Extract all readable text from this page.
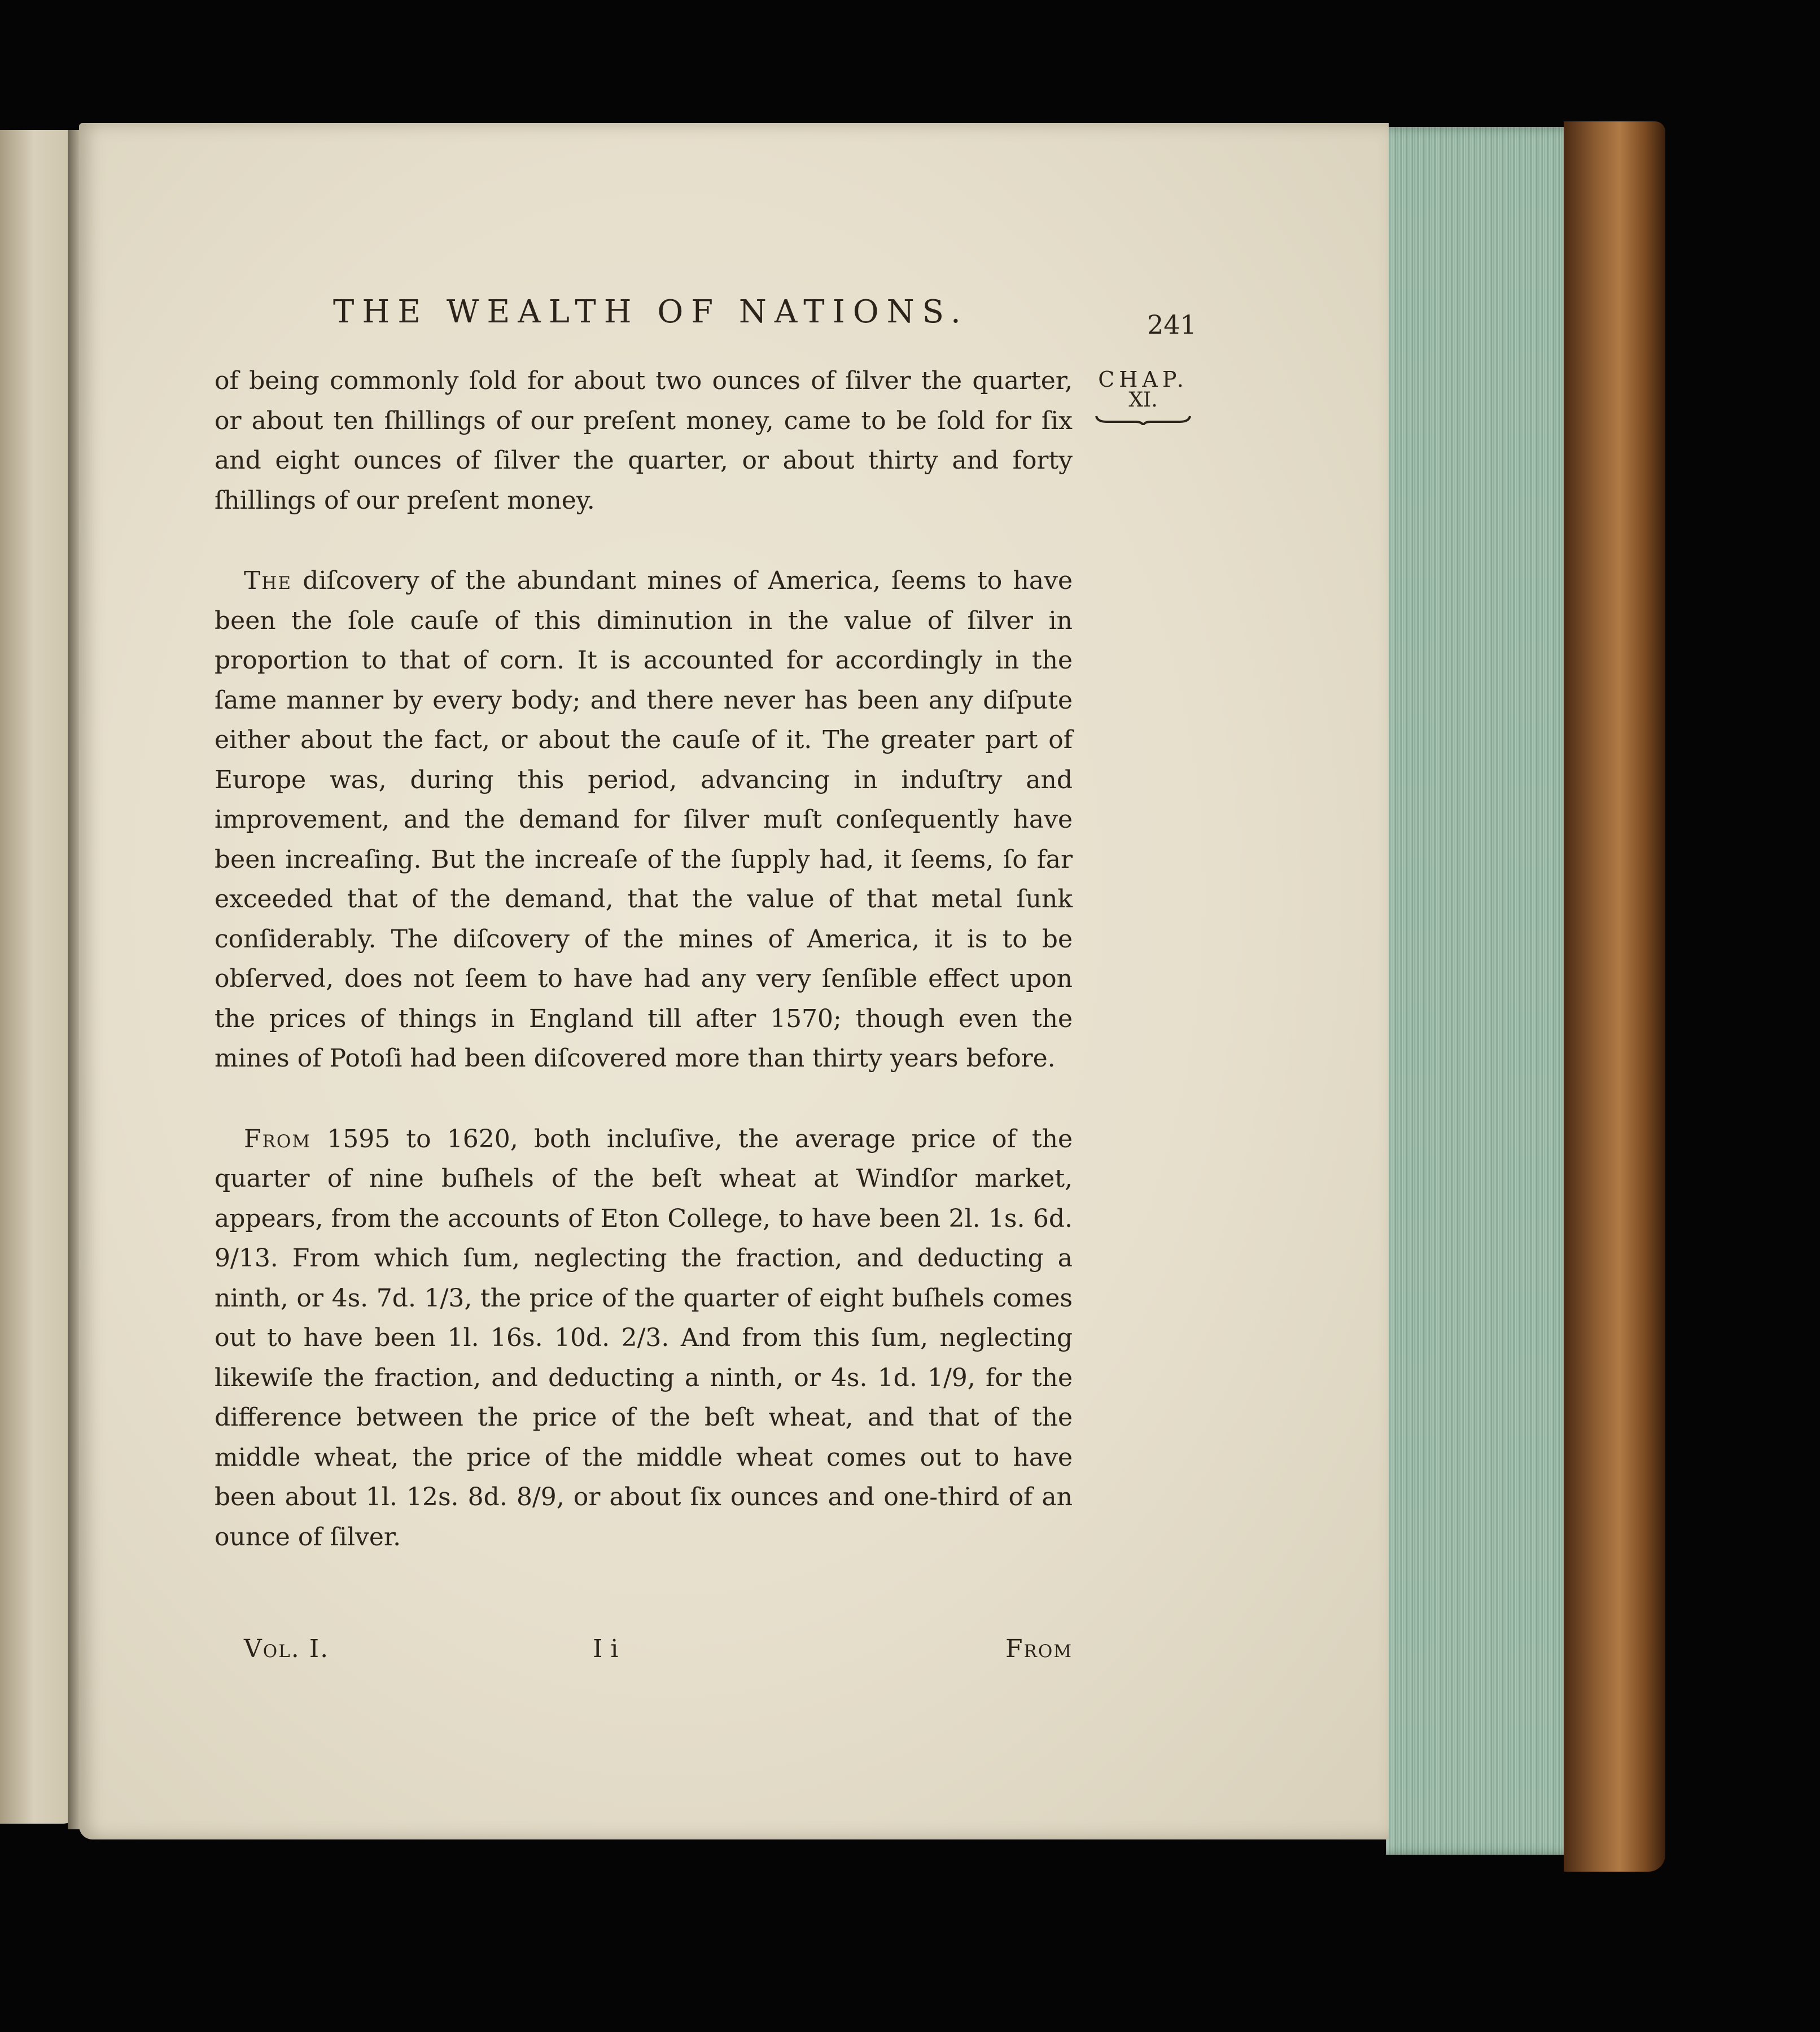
THE WEALTH OF NATIONS.	241
CHAP.
XI.

of being commonly ſold for about two ounces of ſilver the quarter, or about ten ſhillings of our preſent money, came to be ſold for ſix and eight ounces of ſilver the quarter, or about thirty and forty ſhillings of our preſent money.

The diſcovery of the abundant mines of America, ſeems to have been the ſole cauſe of this diminution in the value of ſilver in proportion to that of corn. It is accounted for accordingly in the ſame manner by every body; and there never has been any diſpute either about the fact, or about the cauſe of it. The greater part of Europe was, during this period, advancing in induſtry and improvement, and the demand for ſilver muſt conſequently have been increaſing. But the increaſe of the ſupply had, it ſeems, ſo far exceeded that of the demand, that the value of that metal ſunk conſiderably. The diſcovery of the mines of America, it is to be obſerved, does not ſeem to have had any very ſenſible effect upon the prices of things in England till after 1570; though even the mines of Potoſi had been diſcovered more than thirty years before.

From 1595 to 1620, both incluſive, the average price of the quarter of nine buſhels of the beſt wheat at Windſor market, appears, from the accounts of Eton College, to have been 2l. 1s. 6d. 9/13. From which ſum, neglecting the fraction, and deducting a ninth, or 4s. 7d. 1/3, the price of the quarter of eight buſhels comes out to have been 1l. 16s. 10d. 2/3. And from this ſum, neglecting likewiſe the fraction, and deducting a ninth, or 4s. 1d. 1/9, for the difference between the price of the beſt wheat, and that of the middle wheat, the price of the middle wheat comes out to have been about 1l. 12s. 8d. 8/9, or about ſix ounces and one-third of an ounce of ſilver.

Vol. I.	I i	From
